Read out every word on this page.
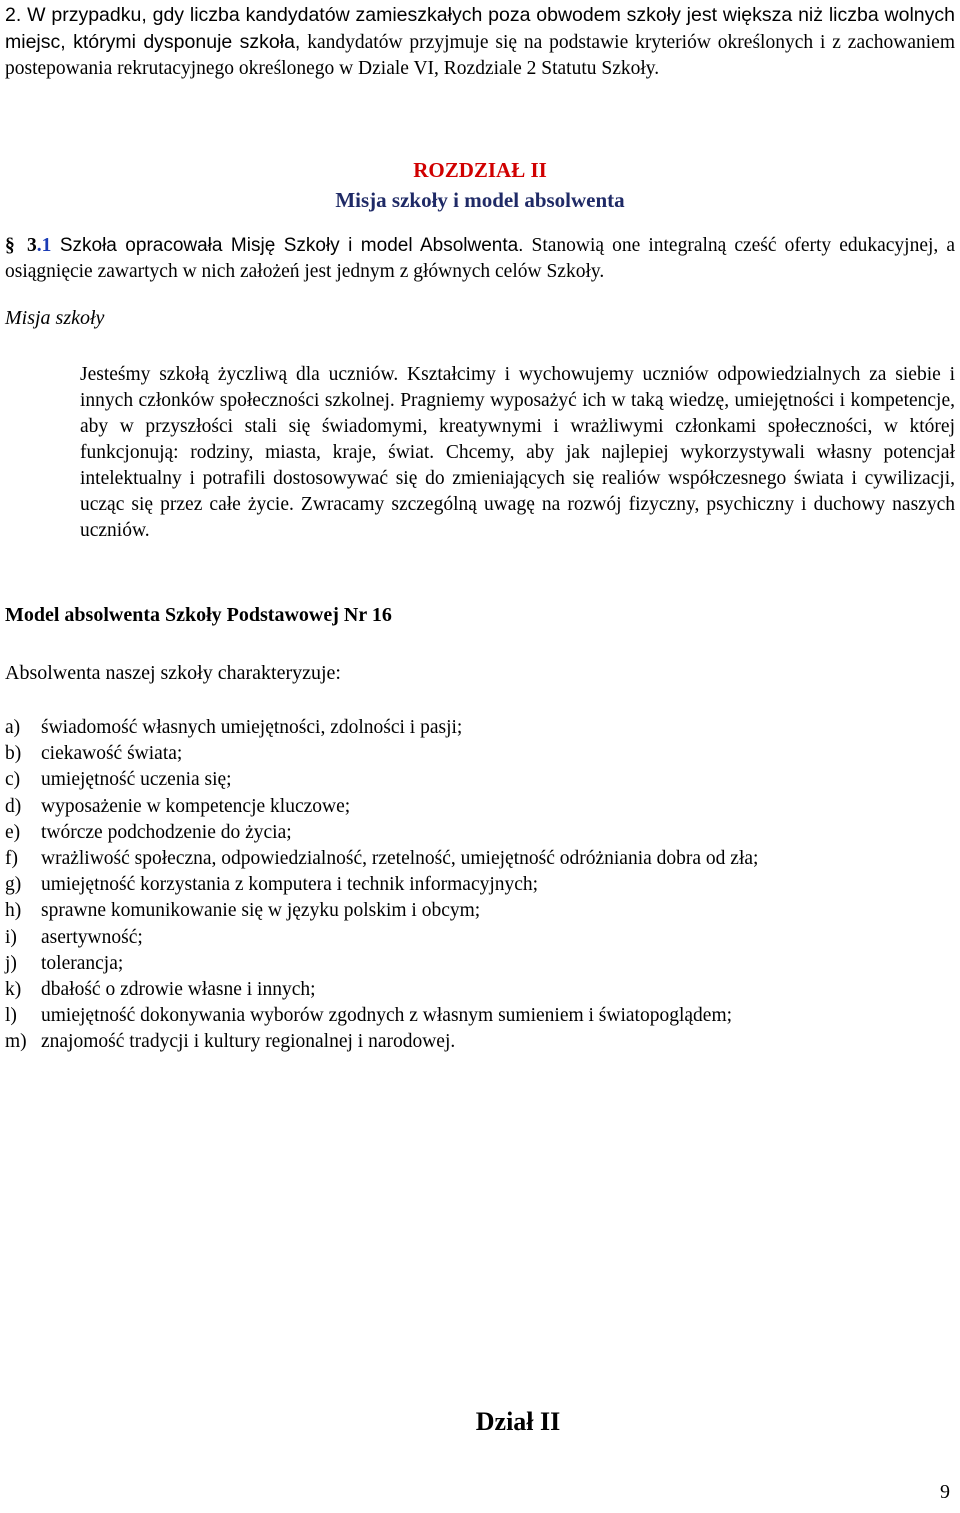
2. W przypadku, gdy liczba kandydatów zamieszkałych poza obwodem szkoły jest większa niż liczba wolnych miejsc, którymi dysponuje szkoła, kandydatów przyjmuje się na podstawie kryteriów określonych i z zachowaniem postepowania rekrutacyjnego określonego w Dziale VI, Rozdziale 2 Statutu Szkoły.
ROZDZIAŁ II
Misja szkoły i model absolwenta
§ 3.1 Szkoła opracowała Misję Szkoły i model Absolwenta. Stanowią one integralną cześć oferty edukacyjnej, a osiągnięcie zawartych w nich założeń jest jednym z głównych celów Szkoły.
Misja szkoły
Jesteśmy szkołą życzliwą dla uczniów. Kształcimy i wychowujemy uczniów odpowiedzialnych za siebie i innych członków społeczności szkolnej. Pragniemy wyposażyć ich w taką wiedzę, umiejętności i kompetencje, aby w przyszłości stali się świadomymi, kreatywnymi i wrażliwymi członkami społeczności, w której funkcjonują: rodziny, miasta, kraje, świat. Chcemy, aby jak najlepiej wykorzystywali własny potencjał intelektualny i potrafili dostosowywać się do zmieniających się realiów współczesnego świata i cywilizacji, ucząc się przez całe życie. Zwracamy szczególną uwagę na rozwój fizyczny, psychiczny i duchowy naszych uczniów.
Model absolwenta Szkoły Podstawowej Nr 16
Absolwenta naszej szkoły charakteryzuje:
a)	świadomość własnych umiejętności, zdolności i pasji;
b)	ciekawość świata;
c)	umiejętność uczenia się;
d)	wyposażenie w kompetencje kluczowe;
e)	twórcze podchodzenie do życia;
f)	wrażliwość społeczna, odpowiedzialność, rzetelność, umiejętność odróżniania dobra od zła;
g)	umiejętność korzystania z komputera i technik informacyjnych;
h)	sprawne komunikowanie się w języku polskim i obcym;
i)	asertywność;
j)	tolerancja;
k)	dbałość o zdrowie własne i innych;
l)	umiejętność dokonywania wyborów zgodnych z własnym sumieniem i światopoglądem;
m) znajomość tradycji i kultury regionalnej i narodowej.
Dział II
9
